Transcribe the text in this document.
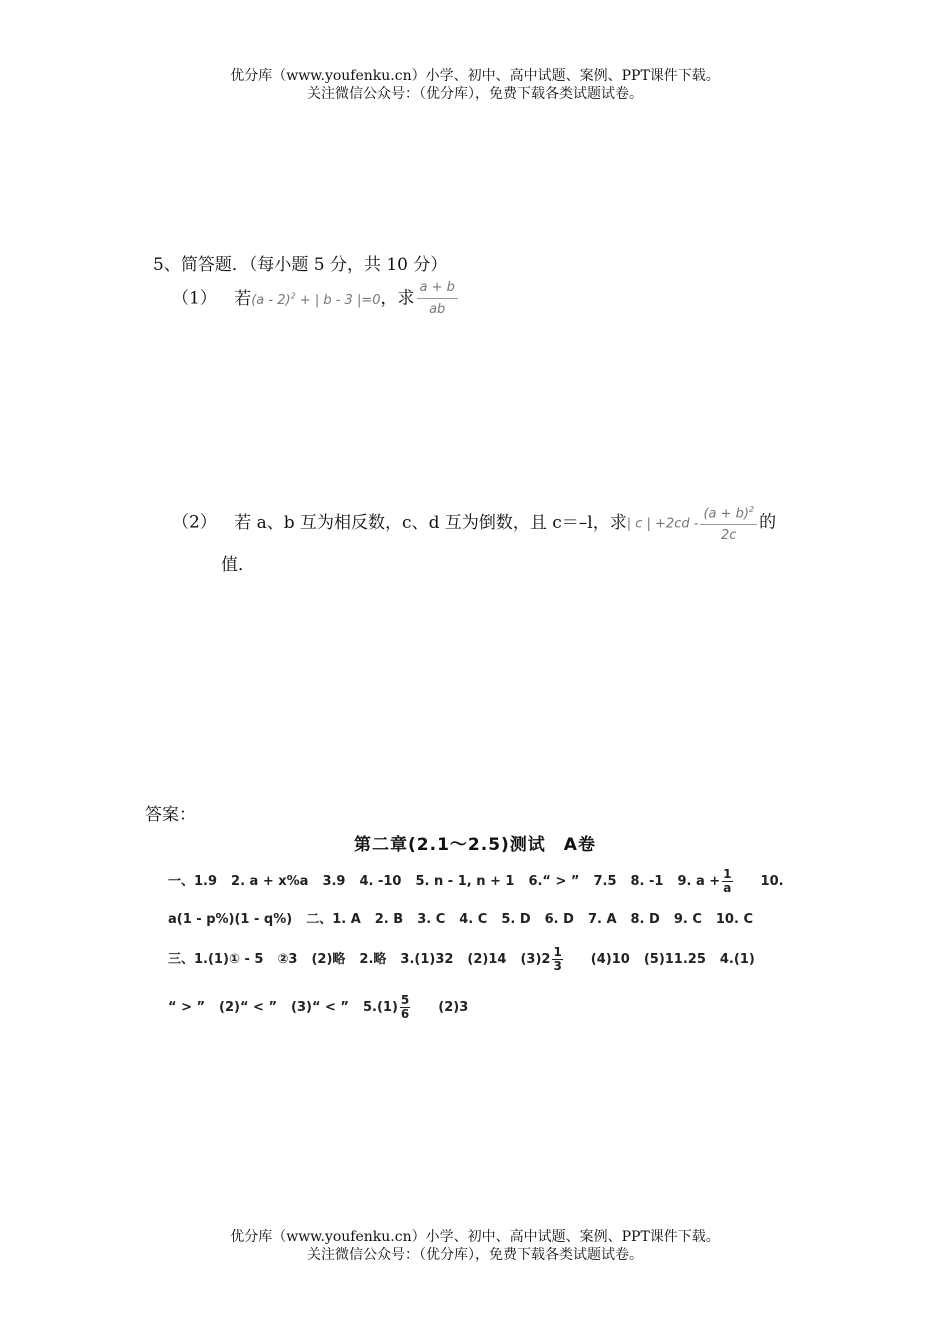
优分库（www.youfenku.cn）小学、初中、高中试题、案例、PPT课件下载。
关注微信公众号：（优分库），免费下载各类试题试卷。
5、简答题．（每小题 5 分，共 10 分）
（1） 若(a - 2)$^2$ + | b - 3 |=0，求 $\frac{a + b}{ab}$
（2） 若 a、b 互为相反数，c、d 互为倒数，且 c＝–l，求| c | $+2cd - \frac{(a + b)^2}{2c}$ 的
值．
答案：
第二章(2.1～2.5)测试　A卷
一、1.9 2. a + x%a 3.9 4. -10 5. n - 1, n + 1 6.“ > ” 7.5 8. -1 9. $a + \frac{1}{a} 10$.
a(1 - p%)(1 - q%) 二、1. A 2. B 3. C 4. C 5. D 6. D 7. A 8. D 9. C 10. C
三、1.(1)① - 5 ②3 (2)略 2.略 3.(1)32 (2)14 $(3)2 \frac{1}{3} (4)10$ (5)11.25 4.(1)
“ > ” (2)“ < ” (3)“ < ” $5.(1) \frac{5}{6} (2)3$
优分库（www.youfenku.cn）小学、初中、高中试题、案例、PPT课件下载。
关注微信公众号：（优分库），免费下载各类试题试卷。
